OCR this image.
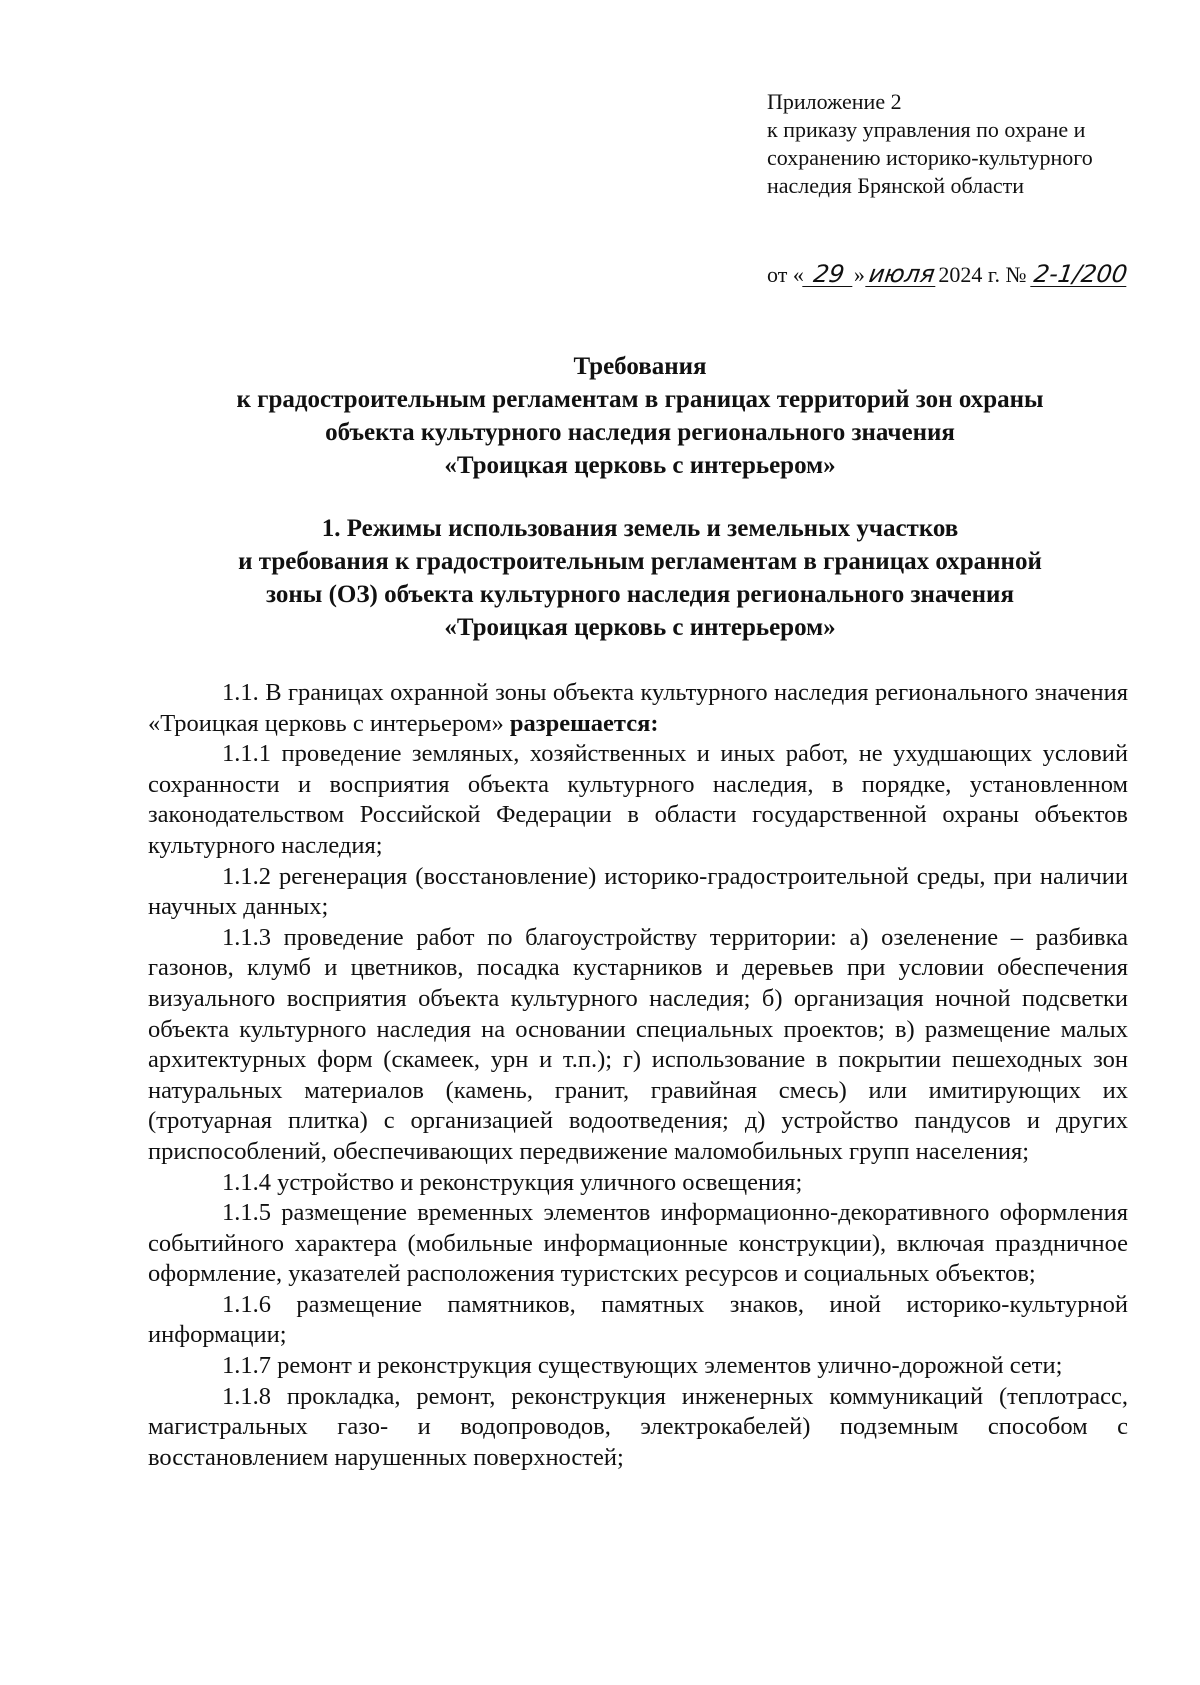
Приложение 2
к приказу управления по охране и
сохранению историко-культурного
наследия Брянской области
от « 29 »июля2024 г. № 2-1/200
Требования
к градостроительным регламентам в границах территорий зон охраны
объекта культурного наследия регионального значения
«Троицкая церковь с интерьером»
1. Режимы использования земель и земельных участков
и требования к градостроительным регламентам в границах охранной
зоны (ОЗ) объекта культурного наследия регионального значения
«Троицкая церковь с интерьером»

1.1. В границах охранной зоны объекта культурного наследия регионального значения «Троицкая церковь с интерьером» разрешается:

1.1.1 проведение земляных, хозяйственных и иных работ, не ухудшающих условий сохранности и восприятия объекта культурного наследия, в порядке, установленном законодательством Российской Федерации в области государственной охраны объектов культурного наследия;

1.1.2 регенерация (восстановление) историко-градостроительной среды, при наличии научных данных;

1.1.3 проведение работ по благоустройству территории: а) озеленение – разбивка газонов, клумб и цветников, посадка кустарников и деревьев при условии обеспечения визуального восприятия объекта культурного наследия; б) организация ночной подсветки объекта культурного наследия на основании специальных проектов; в) размещение малых архитектурных форм (скамеек, урн и т.п.); г) использование в покрытии пешеходных зон натуральных материалов (камень, гранит, гравийная смесь) или имитирующих их (тротуарная плитка) с организацией водоотведения; д) устройство пандусов и других приспособлений, обеспечивающих передвижение маломобильных групп населения;

1.1.4 устройство и реконструкция уличного освещения;

1.1.5 размещение временных элементов информационно-декоративного оформления событийного характера (мобильные информационные конструкции), включая праздничное оформление, указателей расположения туристских ресурсов и социальных объектов;

1.1.6 размещение памятников, памятных знаков, иной историко-культурной информации;

1.1.7 ремонт и реконструкция существующих элементов улично-дорожной сети;

1.1.8 прокладка, ремонт, реконструкция инженерных коммуникаций (теплотрасс, магистральных газо- и водопроводов, электрокабелей) подземным способом с восстановлением нарушенных поверхностей;
